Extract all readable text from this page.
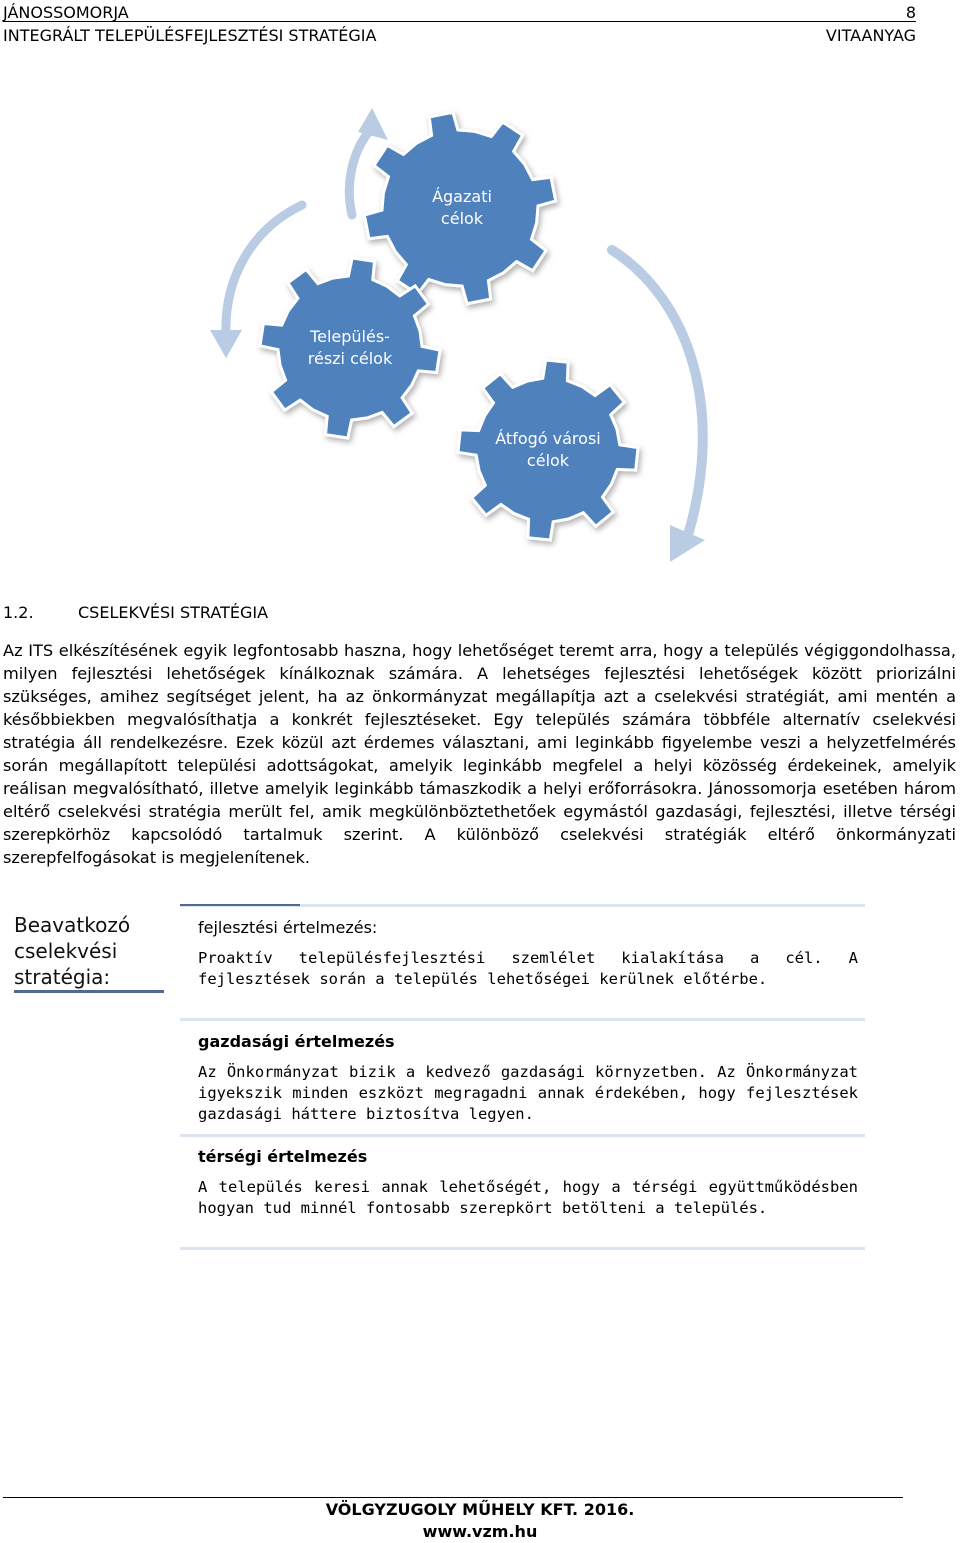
JÁNOSSOMORJA	8
INTEGRÁLT TELEPÜLÉSFEJLESZTÉSI STRATÉGIA	VITAANYAG
Ágazati
célok
Település-
részi célok
Átfogó városi
célok
1.2.	CSELEKVÉSI STRATÉGIA
Az ITS elkészítésének egyik legfontosabb haszna, hogy lehetőséget teremt arra, hogy a település végiggondolhassa, milyen fejlesztési lehetőségek kínálkoznak számára. A lehetséges fejlesztési lehetőségek között priorizálni szükséges, amihez segítséget jelent, ha az önkormányzat megállapítja azt a cselekvési stratégiát, ami mentén a későbbiekben megvalósíthatja a konkrét fejlesztéseket. Egy település számára többféle alternatív cselekvési stratégia áll rendelkezésre. Ezek közül azt érdemes választani, ami leginkább figyelembe veszi a helyzetfelmérés során megállapított települési adottságokat, amelyik leginkább megfelel a helyi közösség érdekeinek, amelyik reálisan megvalósítható, illetve amelyik leginkább támaszkodik a helyi erőforrásokra. Jánossomorja esetében három eltérő cselekvési stratégia merült fel, amik megkülönböztethetőek egymástól gazdasági, fejlesztési, illetve térségi szerepkörhöz kapcsolódó tartalmuk szerint. A különböző cselekvési stratégiák eltérő önkormányzati szerepfelfogásokat is megjelenítenek.
Beavatkozó cselekvési stratégia:
fejlesztési értelmezés:
Proaktív településfejlesztési szemlélet kialakítása a cél. A fejlesztések során a település lehetőségei kerülnek előtérbe.
gazdasági értelmezés
Az Önkormányzat bizik a kedvező gazdasági környzetben. Az Önkormányzat igyekszik minden eszközt megragadni annak érdekében, hogy fejlesztések gazdasági háttere biztosítva legyen.
térségi értelmezés
A település keresi annak lehetőségét, hogy a térségi együttműködésben hogyan tud minnél fontosabb szerepkört betölteni a település.
VÖLGYZUGOLY MŰHELY KFT. 2016.
www.vzm.hu
